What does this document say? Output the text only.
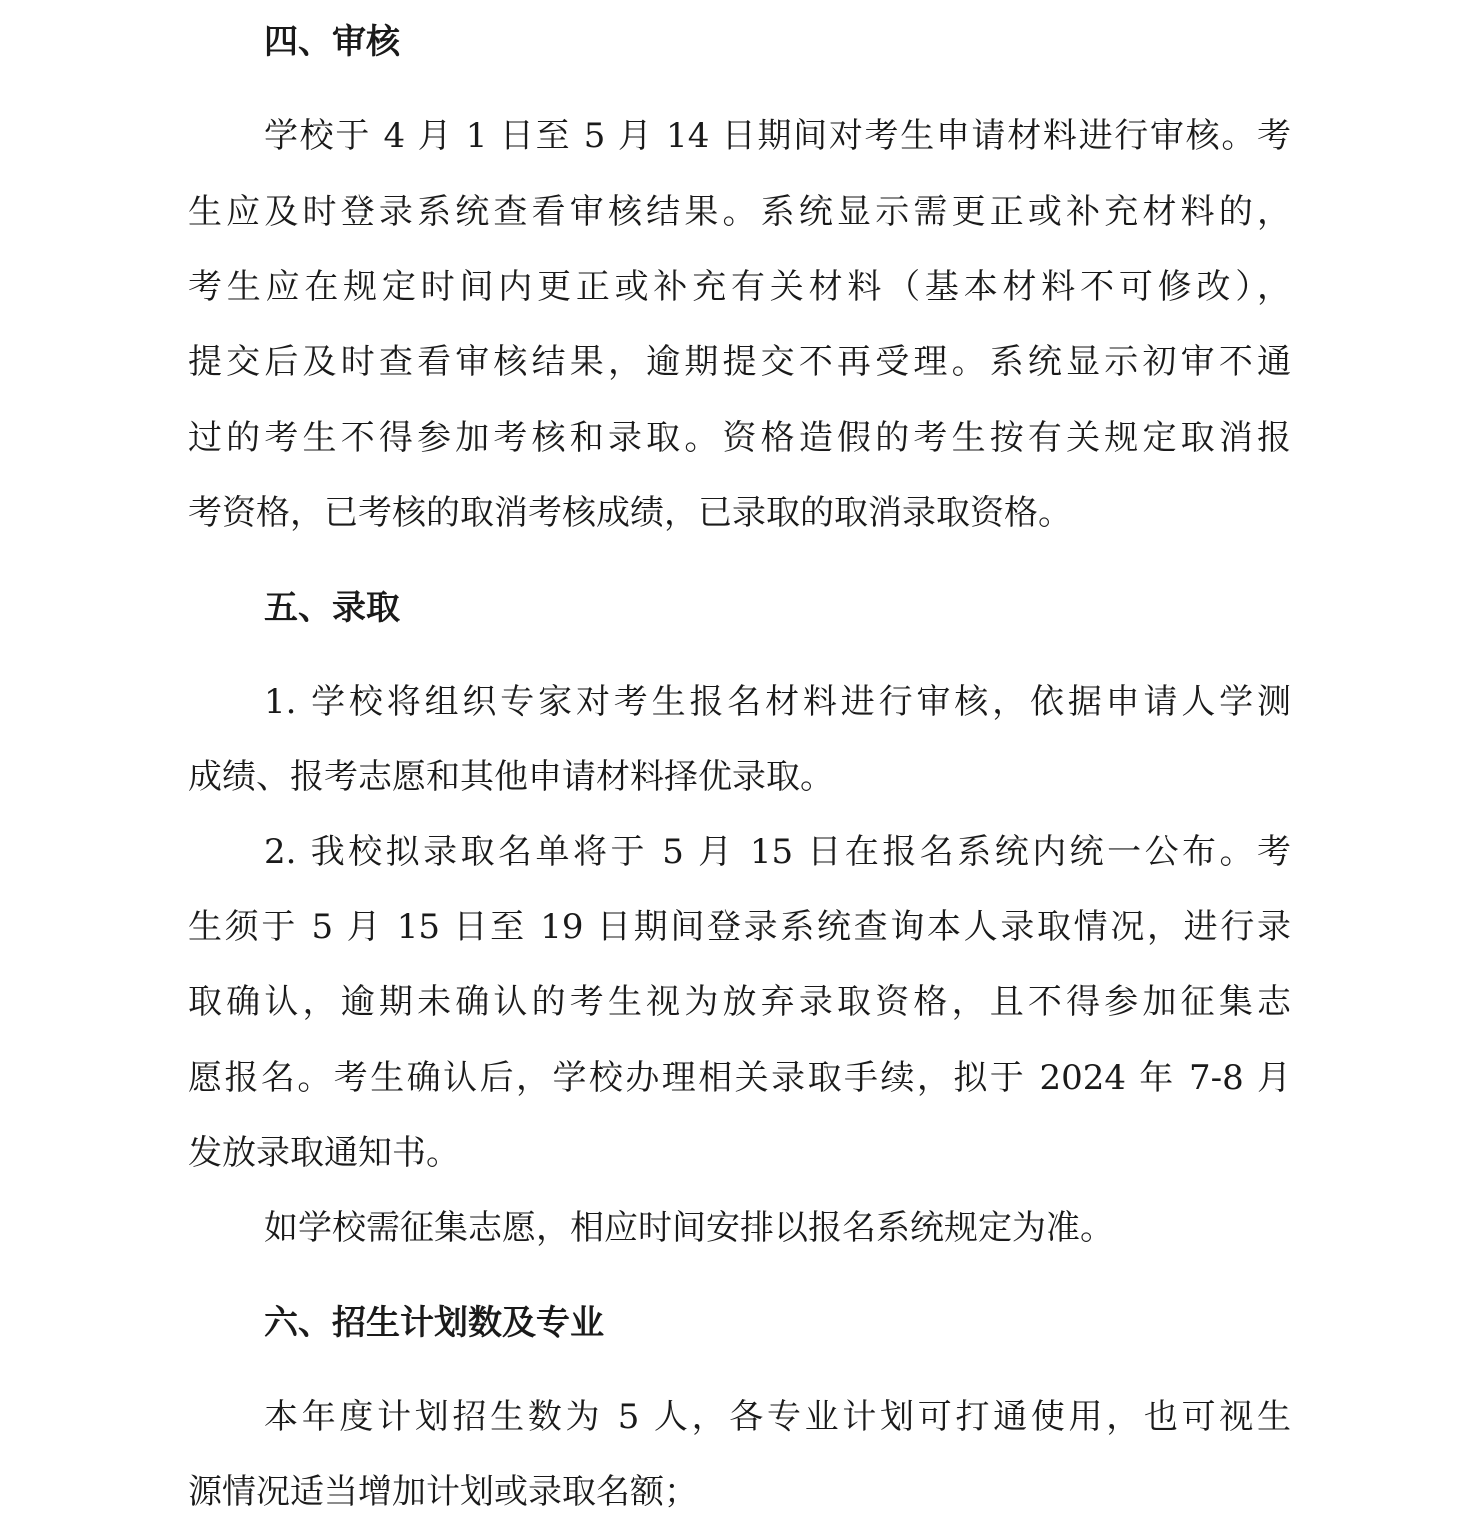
四、审核

学校于 4 月 1 日至 5 月 14 日期间对考生申请材料进行审核。考

生应及时登录系统查看审核结果。系统显示需更正或补充材料的，

考生应在规定时间内更正或补充有关材料（基本材料不可修改），

提交后及时查看审核结果，逾期提交不再受理。系统显示初审不通

过的考生不得参加考核和录取。资格造假的考生按有关规定取消报

考资格，已考核的取消考核成绩，已录取的取消录取资格。

五、录取

1. 学校将组织专家对考生报名材料进行审核，依据申请人学测

成绩、报考志愿和其他申请材料择优录取。

2. 我校拟录取名单将于 5 月 15 日在报名系统内统一公布。考

生须于 5 月 15 日至 19 日期间登录系统查询本人录取情况，进行录

取确认，逾期未确认的考生视为放弃录取资格，且不得参加征集志

愿报名。考生确认后，学校办理相关录取手续，拟于 2024 年 7-8 月

发放录取通知书。

如学校需征集志愿，相应时间安排以报名系统规定为准。

六、招生计划数及专业

本年度计划招生数为 5 人，各专业计划可打通使用，也可视生

源情况适当增加计划或录取名额；
